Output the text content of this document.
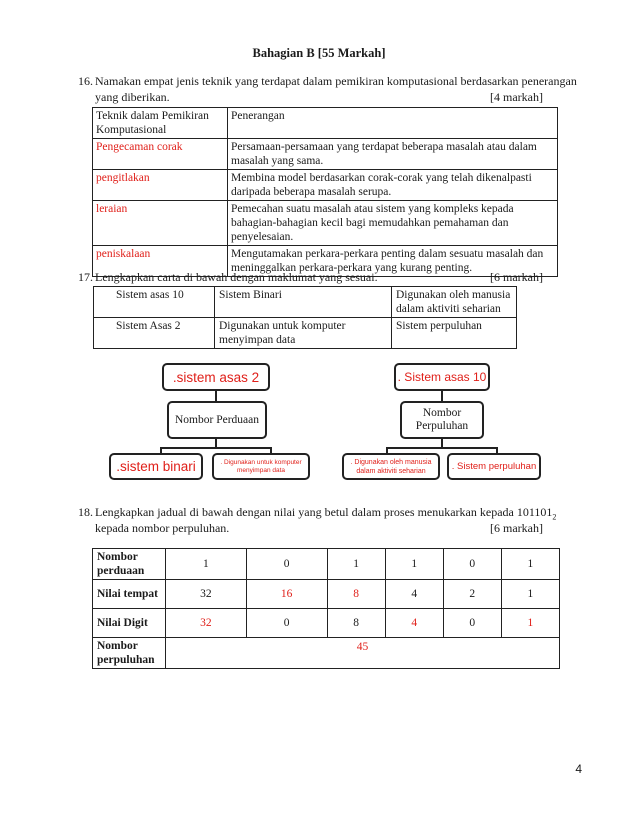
Bahagian B [55 Markah]
16. Namakan empat jenis teknik yang terdapat dalam pemikiran komputasional berdasarkan penerangan
yang diberikan.	[4 markah]
Teknik dalam Pemikiran Komputasional	Penerangan
Pengecaman corak	Persamaan-persamaan yang terdapat beberapa masalah atau dalam masalah yang sama.
pengitlakan	Membina model berdasarkan corak-corak yang telah dikenalpasti daripada beberapa masalah serupa.
leraian	Pemecahan suatu masalah atau sistem yang kompleks kepada bahagian-bahagian kecil bagi memudahkan pemahaman dan penyelesaian.
peniskalaan	Mengutamakan perkara-perkara penting dalam sesuatu masalah dan meninggalkan perkara-perkara yang kurang penting.
17. Lengkapkan carta di bawah dengan maklumat yang sesuai.	[6 markah]
Sistem asas 10	Sistem Binari	Digunakan oleh manusia dalam aktiviti seharian
Sistem Asas 2	Digunakan untuk komputer menyimpan data	Sistem perpuluhan
.sistem asas 2
Nombor Perduaan
.sistem binari	. Digunakan untuk komputer menyimpan data
. Sistem asas 10
Nombor Perpuluhan
. Digunakan oleh manusia dalam aktiviti seharian	. Sistem perpuluhan
18. Lengkapkan jadual di bawah dengan nilai yang betul dalam proses menukarkan kepada $101101_2$
kepada nombor perpuluhan.	[6 markah]
Nombor perduaan	1	0	1	1	0	1
Nilai tempat	32	16	8	4	2	1
Nilai Digit	32	0	8	4	0	1
Nombor perpuluhan	45					
4
